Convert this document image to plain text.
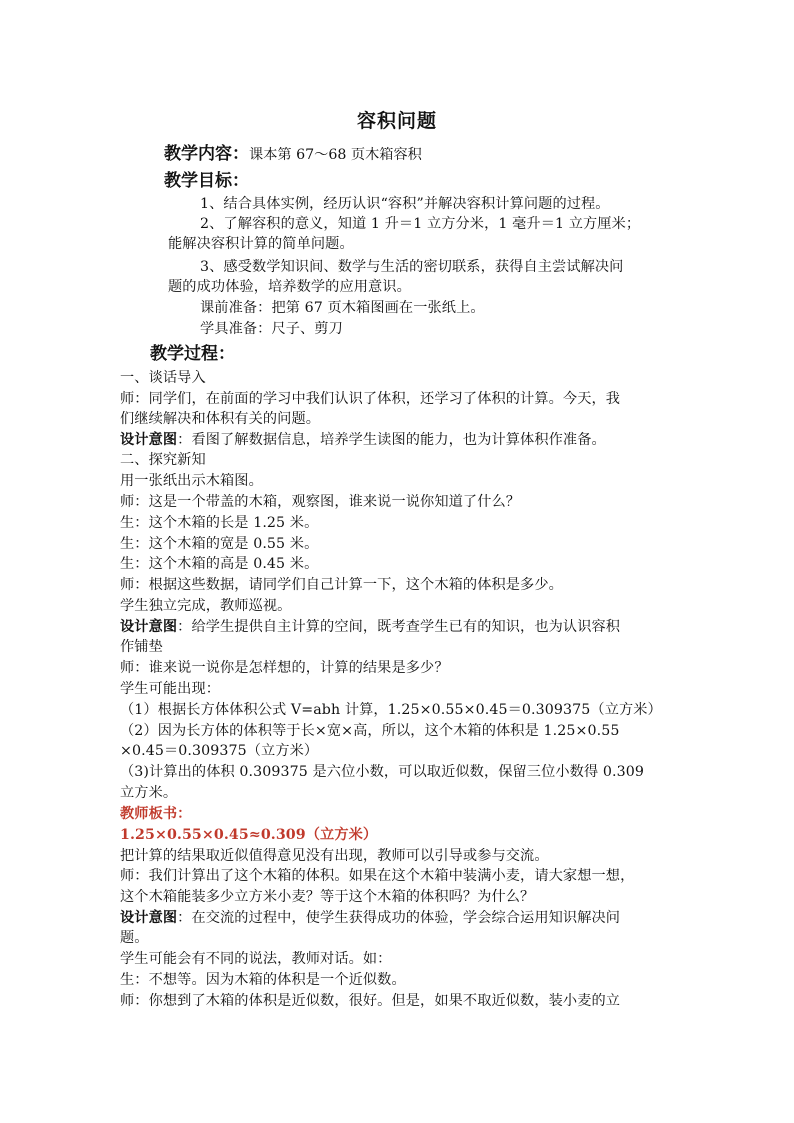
容积问题
教学内容：课本第 67～68 页木箱容积
教学目标：
1、结合具体实例，经历认识“容积”并解决容积计算问题的过程。
2、了解容积的意义，知道 1 升＝1 立方分米，1 毫升＝1 立方厘米；
能解决容积计算的简单问题。
3、感受数学知识间、数学与生活的密切联系，获得自主尝试解决问
题的成功体验，培养数学的应用意识。
课前准备：把第 67 页木箱图画在一张纸上。
学具准备：尺子、剪刀
教学过程：
一、谈话导入
师：同学们，在前面的学习中我们认识了体积，还学习了体积的计算。今天，我
们继续解决和体积有关的问题。
设计意图：看图了解数据信息，培养学生读图的能力，也为计算体积作准备。
二、探究新知
用一张纸出示木箱图。
师：这是一个带盖的木箱，观察图，谁来说一说你知道了什么？
生：这个木箱的长是 1.25 米。
生：这个木箱的宽是 0.55 米。
生：这个木箱的高是 0.45 米。
师：根据这些数据，请同学们自己计算一下，这个木箱的体积是多少。
学生独立完成，教师巡视。
设计意图：给学生提供自主计算的空间，既考查学生已有的知识，也为认识容积
作铺垫
师：谁来说一说你是怎样想的，计算的结果是多少？
学生可能出现：
（1）根据长方体体积公式 V=abh 计算，1.25×0.55×0.45＝0.309375（立方米）
（2）因为长方体的体积等于长×宽×高，所以，这个木箱的体积是 1.25×0.55
×0.45＝0.309375（立方米）
（3)计算出的体积 0.309375 是六位小数，可以取近似数，保留三位小数得 0.309
立方米。
教师板书：
1.25×0.55×0.45≈0.309（立方米）
把计算的结果取近似值得意见没有出现，教师可以引导或参与交流。
师：我们计算出了这个木箱的体积。如果在这个木箱中装满小麦，请大家想一想，
这个木箱能装多少立方米小麦？等于这个木箱的体积吗？为什么？
设计意图：在交流的过程中，使学生获得成功的体验，学会综合运用知识解决问
题。
学生可能会有不同的说法，教师对话。如：
生：不想等。因为木箱的体积是一个近似数。
师：你想到了木箱的体积是近似数，很好。但是，如果不取近似数，装小麦的立
